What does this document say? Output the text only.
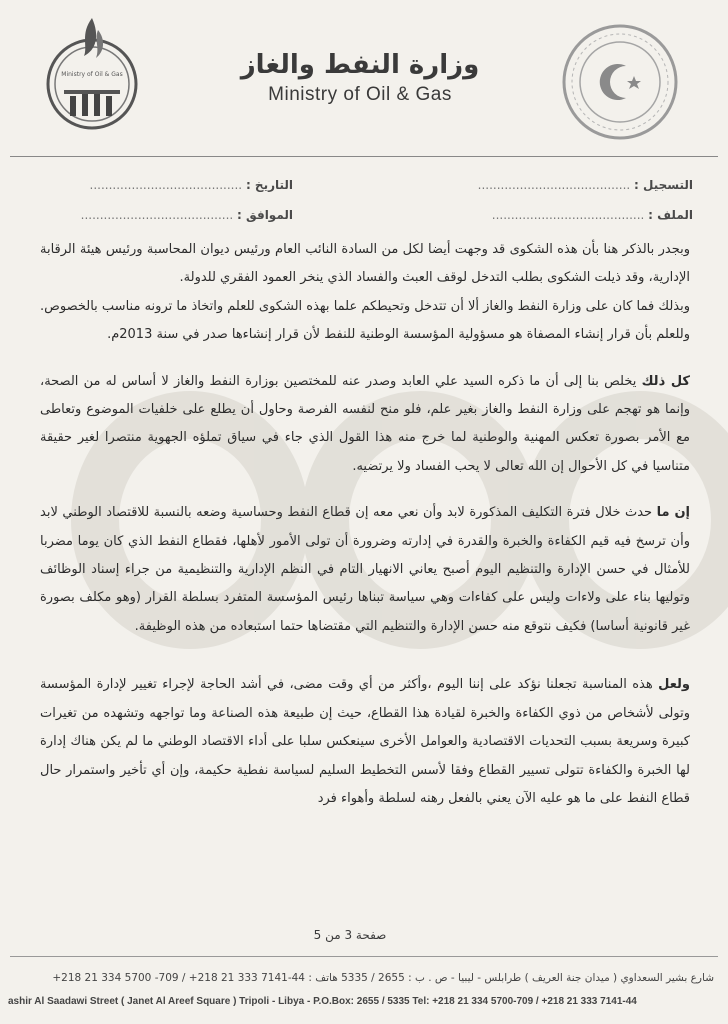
Ministry of Oil & Gas	وزارة النفط والغاز
Ministry of Oil & Gas
التسجيل : ........................................
التاريخ : ........................................
الملف : ........................................
الموافق : ........................................

وبجدر بالذكر هنا بأن هذه الشكوى قد وجهت أيضا لكل من السادة النائب العام ورئيس ديوان المحاسبة ورئيس هيئة الرقابة الإدارية، وقد ذيلت الشكوى بطلب التدخل لوقف العبث والفساد الذي ينخر العمود الفقري للدولة.

وبذلك فما كان على وزارة النفط والغاز ألا أن تتدخل وتحيطكم علما بهذه الشكوى للعلم واتخاذ ما ترونه مناسب بالخصوص. وللعلم بأن قرار إنشاء المصفاة هو مسؤولية المؤسسة الوطنية للنفط لأن قرار إنشاءها صدر في سنة 2013م.

كل ذلك يخلص بنا إلى أن ما ذكره السيد علي العابد وصدر عنه للمختصين بوزارة النفط والغاز لا أساس له من الصحة، وإنما هو تهجم على وزارة النفط والغاز بغير علم، فلو منح لنفسه الفرصة وحاول أن يطلع على خلفيات الموضوع وتعاطى مع الأمر بصورة تعكس المهنية والوطنية لما خرج منه هذا القول الذي جاء في سياق تملؤه الجهوية منتصرا لغير حقيقة متناسيا في كل الأحوال إن الله تعالى لا يحب الفساد ولا يرتضيه.

إن ما حدث خلال فترة التكليف المذكورة لابد وأن نعي معه إن قطاع النفط وحساسية وضعه بالنسبة للاقتصاد الوطني لابد وأن ترسخ فيه قيم الكفاءة والخبرة والقدرة في إدارته وضرورة أن تولى الأمور لأهلها، فقطاع النفط الذي كان يوما مضربا للأمثال في حسن الإدارة والتنظيم اليوم أصبح يعاني الانهيار التام في النظم الإدارية والتنظيمية من جراء إسناد الوظائف وتوليها بناء على ولاءات وليس على كفاءات وهي سياسة تبناها رئيس المؤسسة المتفرد بسلطة القرار (وهو مكلف بصورة غير قانونية أساسا) فكيف نتوقع منه حسن الإدارة والتنظيم التي مقتضاها حتما استبعاده من هذه الوظيفة.

ولعل هذه المناسبة تجعلنا نؤكد على إننا اليوم ،وأكثر من أي وقت مضى، في أشد الحاجة لإجراء تغيير لإدارة المؤسسة وتولى لأشخاص من ذوي الكفاءة والخبرة لقيادة هذا القطاع، حيث إن طبيعة هذه الصناعة وما تواجهه وتشهده من تغيرات كبيرة وسريعة بسبب التحديات الاقتصادية والعوامل الأخرى سينعكس سلبا على أداء الاقتصاد الوطني ما لم يكن هناك إدارة لها الخبرة والكفاءة تتولى تسيير القطاع وفقا لأسس التخطيط السليم لسياسة نفطية حكيمة، وإن أي تأخير واستمرار حال قطاع النفط على ما هو عليه الآن يعني بالفعل رهنه لسلطة وأهواء فرد

صفحة 3 من 5
شارع بشير السعداوي ( ميدان جنة العريف ) طرابلس - ليبيا - ص . ب : 2655 / 5335 هاتف : 44-7141 333 21 218+ / 709- 5700 334 21 218+
ashir Al Saadawi Street ( Janet Al Areef Square ) Tripoli - Libya - P.O.Box: 2655 / 5335 Tel: +218 21 334 5700-709 / +218 21 333 7141-44
